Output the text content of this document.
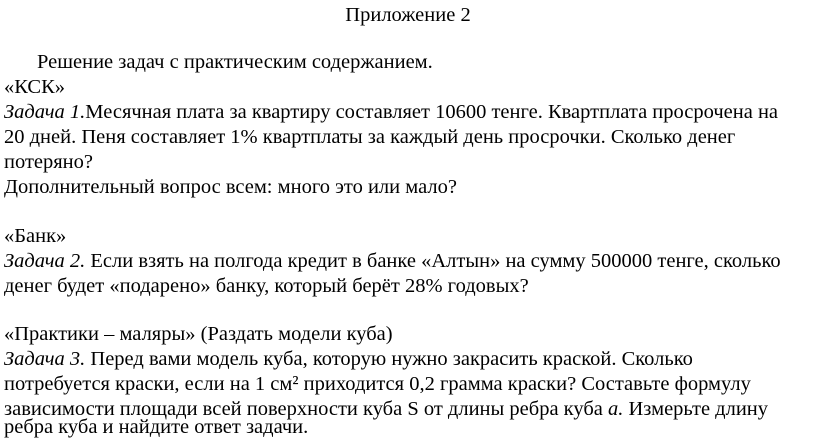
Приложение 2
Решение задач с практическим содержанием.
«КСК»
Задача 1.Месячная плата за квартиру составляет 10600 тенге. Квартплата просрочена на
20 дней. Пеня составляет 1% квартплаты за каждый день просрочки. Сколько денег
потеряно?
Дополнительный вопрос всем: много это или мало?
«Банк»
Задача 2. Если взять на полгода кредит в банке «Алтын» на сумму 500000 тенге, сколько
денег будет «подарено» банку, который берёт 28% годовых?
«Практики – маляры» (Раздать модели куба)
Задача 3. Перед вами модель куба, которую нужно закрасить краской. Сколько
потребуется краски, если на 1 см² приходится 0,2 грамма краски? Составьте формулу
зависимости площади всей поверхности куба S от длины ребра куба а. Измерьте длину
ребра куба и найдите ответ задачи.
